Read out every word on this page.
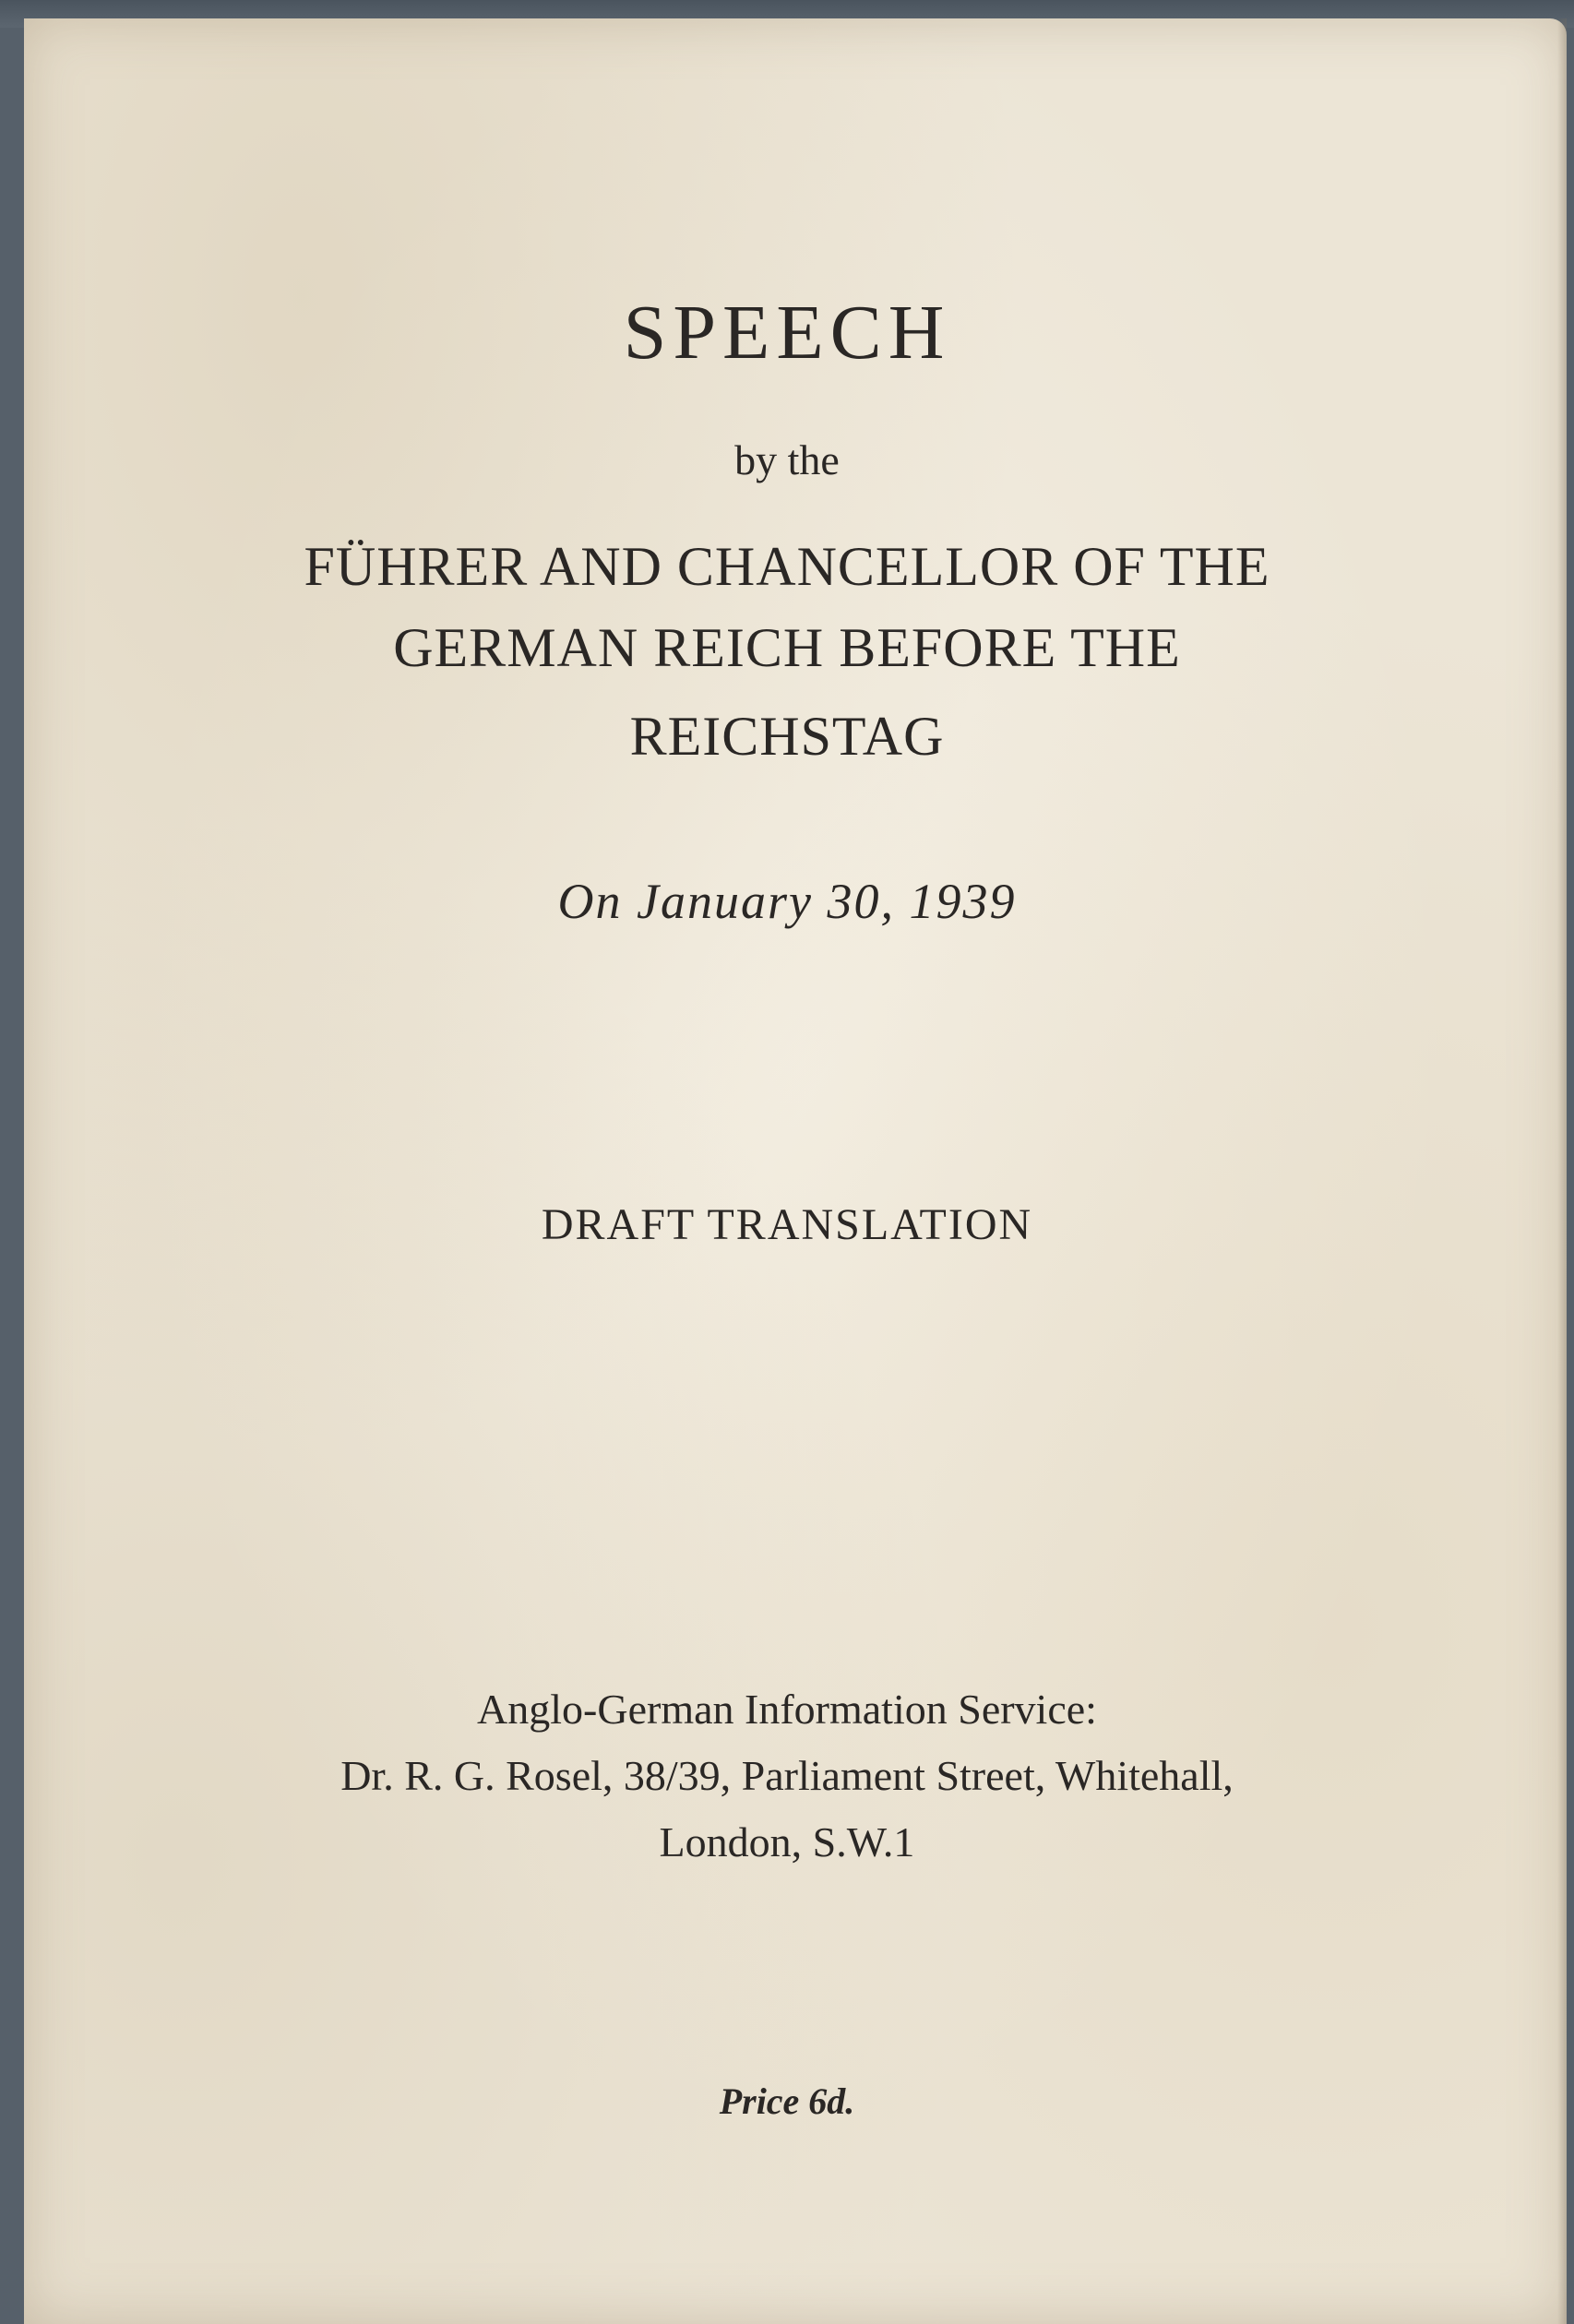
SPEECH
by the
FÜHRER AND CHANCELLOR OF THE
GERMAN REICH BEFORE THE
REICHSTAG
On January 30, 1939
DRAFT TRANSLATION
Anglo-German Information Service:
Dr. R. G. Rosel, 38/39, Parliament Street, Whitehall,
London, S.W.1
Price 6d.
